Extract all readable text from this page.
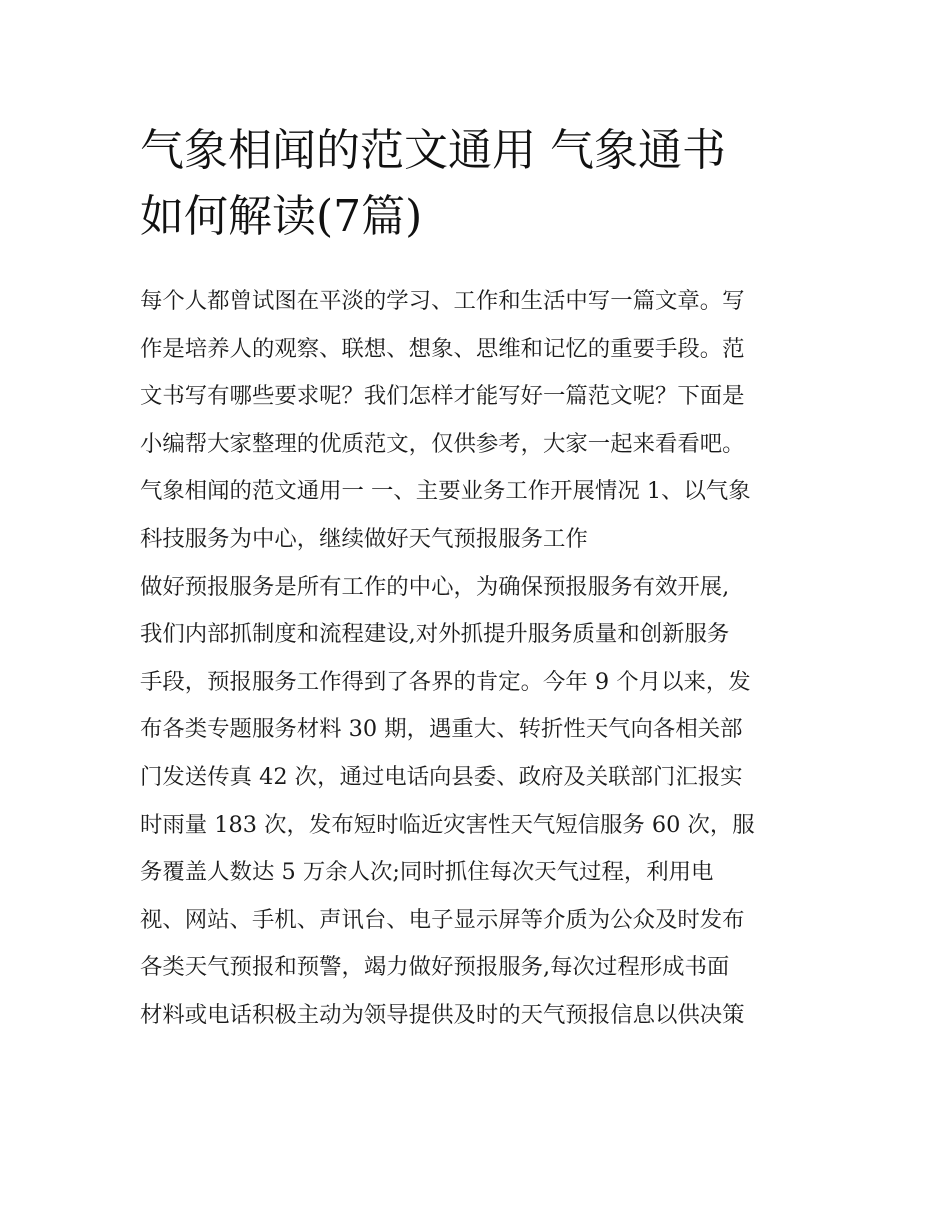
气象相闻的范文通用 气象通书
如何解读(7篇)
每个人都曾试图在平淡的学习、工作和生活中写一篇文章。写
作是培养人的观察、联想、想象、思维和记忆的重要手段。范
文书写有哪些要求呢？我们怎样才能写好一篇范文呢？下面是
小编帮大家整理的优质范文，仅供参考，大家一起来看看吧。
气象相闻的范文通用一 一、主要业务工作开展情况 1、以气象
科技服务为中心，继续做好天气预报服务工作
做好预报服务是所有工作的中心，为确保预报服务有效开展,
我们内部抓制度和流程建设,对外抓提升服务质量和创新服务
手段，预报服务工作得到了各界的肯定。今年 9 个月以来，发
布各类专题服务材料 30 期，遇重大、转折性天气向各相关部
门发送传真 42 次，通过电话向县委、政府及关联部门汇报实
时雨量 183 次，发布短时临近灾害性天气短信服务 60 次，服
务覆盖人数达 5 万余人次;同时抓住每次天气过程，利用电
视、网站、手机、声讯台、电子显示屏等介质为公众及时发布
各类天气预报和预警，竭力做好预报服务,每次过程形成书面
材料或电话积极主动为领导提供及时的天气预报信息以供决策
